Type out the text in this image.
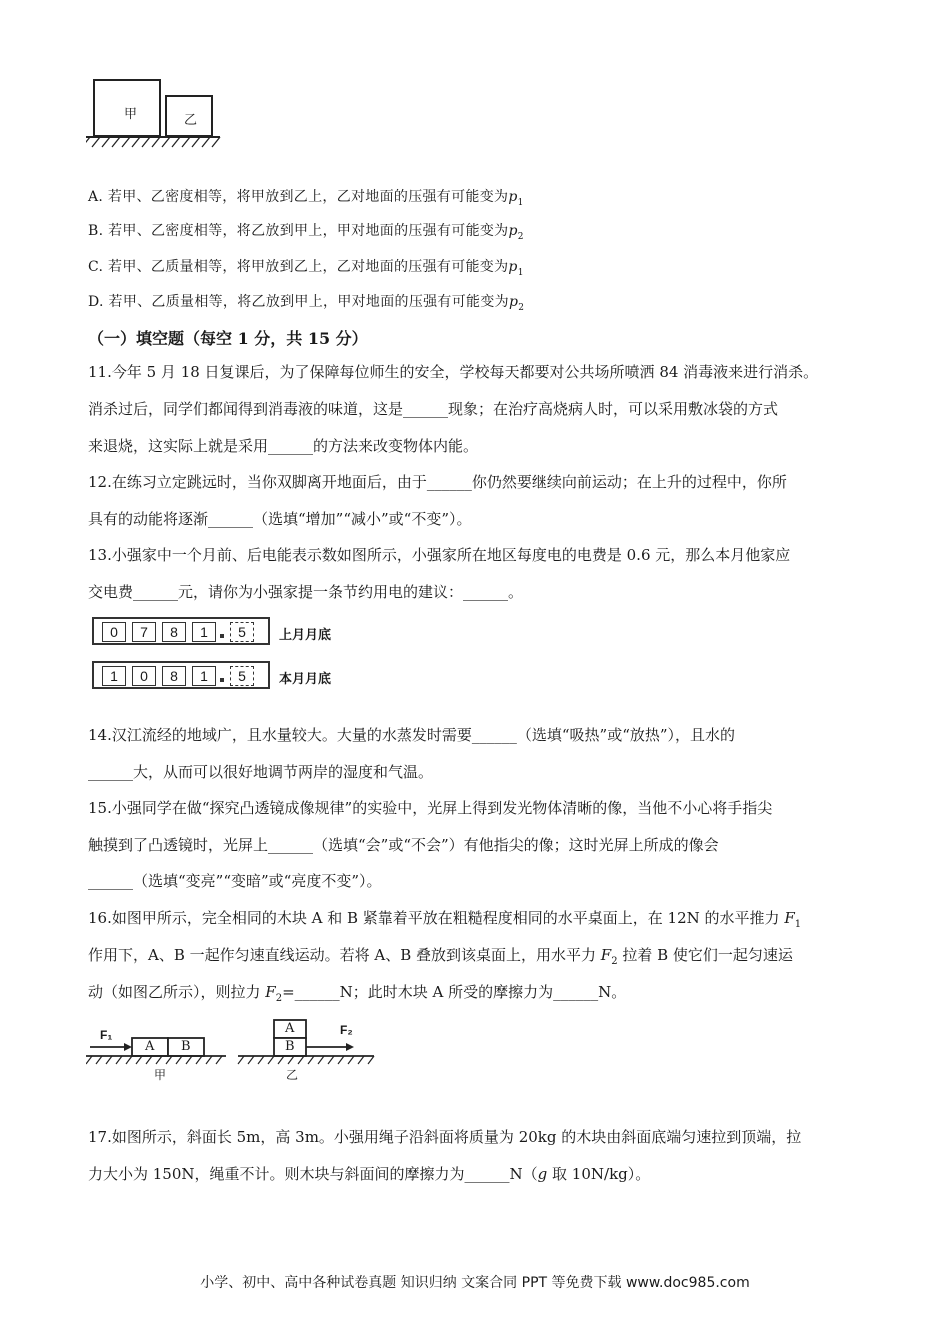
甲	乙
A. 若甲、乙密度相等，将甲放到乙上，乙对地面的压强有可能变为$p_1$
B. 若甲、乙密度相等，将乙放到甲上，甲对地面的压强有可能变为$p_2$
C. 若甲、乙质量相等，将甲放到乙上，乙对地面的压强有可能变为$p_1$
D. 若甲、乙质量相等，将乙放到甲上，甲对地面的压强有可能变为$p_2$
（一）填空题（每空 1 分，共 15 分）
11.今年 5 月 18 日复课后，为了保障每位师生的安全，学校每天都要对公共场所喷洒 84 消毒液来进行消杀。
消杀过后，同学们都闻得到消毒液的味道，这是______现象；在治疗高烧病人时，可以采用敷冰袋的方式
来退烧，这实际上就是采用______的方法来改变物体内能。
12.在练习立定跳远时，当你双脚离开地面后，由于______你仍然要继续向前运动；在上升的过程中，你所
具有的动能将逐渐______（选填“增加”“减小”或“不变”）。
13.小强家中一个月前、后电能表示数如图所示，小强家所在地区每度电的电费是 0.6 元，那么本月他家应
交电费______元，请你为小强家提一条节约用电的建议：______。
0	7	8	1	5	上月月底
1	0	8	1	5	本月月底
14.汉江流经的地域广，且水量较大。大量的水蒸发时需要______（选填“吸热”或“放热”），且水的
______大，从而可以很好地调节两岸的湿度和气温。
15.小强同学在做“探究凸透镜成像规律”的实验中，光屏上得到发光物体清晰的像，当他不小心将手指尖
触摸到了凸透镜时，光屏上______（选填“会”或“不会”）有他指尖的像；这时光屏上所成的像会
______（选填“变亮”“变暗”或“亮度不变”）。
16.如图甲所示，完全相同的木块 A 和 B 紧靠着平放在粗糙程度相同的水平桌面上，在 12N 的水平推力 $F_1$
作用下，A、B 一起作匀速直线运动。若将 A、B 叠放到该桌面上，用水平力 $F_2$ 拉着 B 使它们一起匀速运
动（如图乙所示），则拉力 $F_2=\_\_\_\_\_\_N$；此时木块 A 所受的摩擦力为______N。
F₁
A B
A
B
F₂
甲	乙
17.如图所示，斜面长 5m，高 3m。小强用绳子沿斜面将质量为 20kg 的木块由斜面底端匀速拉到顶端，拉
力大小为 150N，绳重不计。则木块与斜面间的摩擦力为______N（g 取 10N/kg）。
小学、初中、高中各种试卷真题 知识归纳 文案合同 PPT 等免费下载 www.doc985.com
